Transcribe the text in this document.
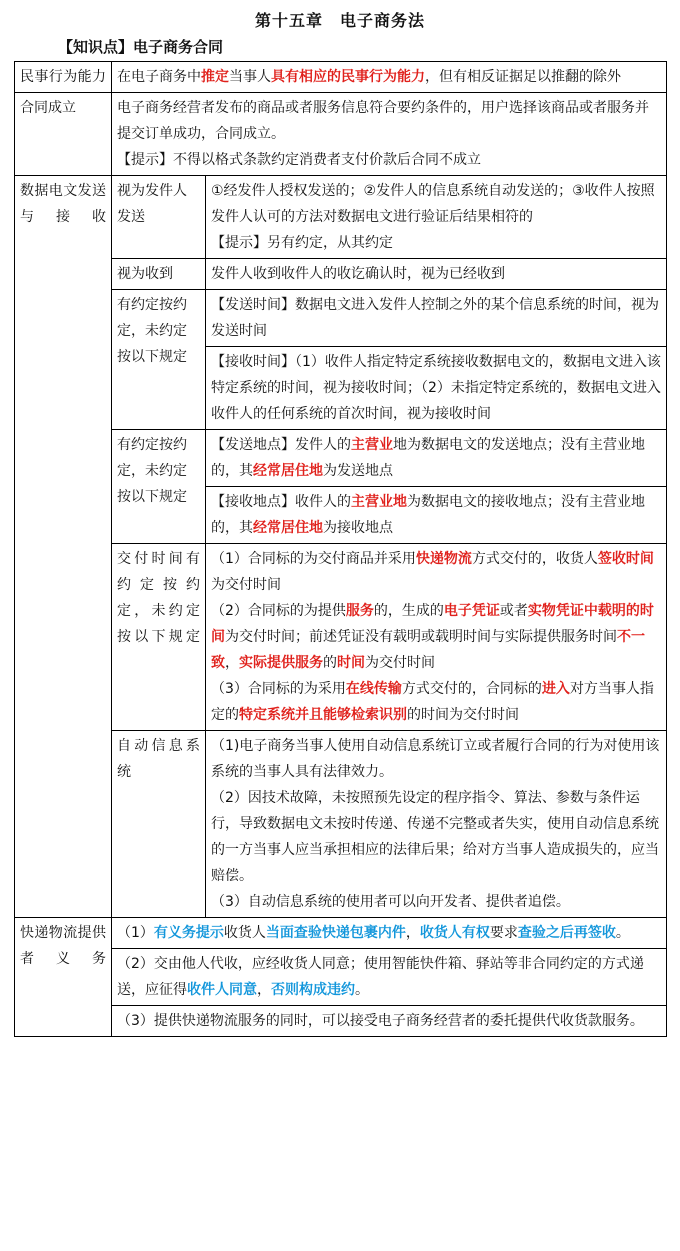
第十五章　电子商务法
【知识点】电子商务合同
民事行为能力	在电子商务中推定当事人具有相应的民事行为能力，但有相反证据足以推翻的除外	
合同成立	电子商务经营者发布的商品或者服务信息符合要约条件的，用户选择该商品或者服务并提交订单成功，合同成立。
【提示】不得以格式条款约定消费者支付价款后合同不成立	

数据电文发送与接收	视为发件人发送	①经发件人授权发送的；②发件人的信息系统自动发送的；③收件人按照发件人认可的方法对数据电文进行验证后结果相符的
【提示】另有约定，从其约定

	视为收到	发件人收到收件人的收讫确认时，视为已经收到
	有约定按约定，未约定按以下规定	【发送时间】数据电文进入发件人控制之外的某个信息系统的时间，视为发送时间
		【接收时间】（1）收件人指定特定系统接收数据电文的，数据电文进入该特定系统的时间，视为接收时间；（2）未指定特定系统的，数据电文进入收件人的任何系统的首次时间，视为接收时间
	有约定按约定，未约定按以下规定	【发送地点】发件人的主营业地为数据电文的发送地点；没有主营业地的，其经常居住地为发送地点
		【接收地点】收件人的主营业地为数据电文的接收地点；没有主营业地的，其经常居住地为接收地点
	交付时间有约定按约定，未约定按以下规定	（1）合同标的为交付商品并采用快递物流方式交付的，收货人签收时间为交付时间
（2）合同标的为提供服务的，生成的电子凭证或者实物凭证中载明的时间为交付时间；前述凭证没有载明或载明时间与实际提供服务时间不一致，实际提供服务的时间为交付时间
（3）合同标的为采用在线传输方式交付的，合同标的进入对方当事人指定的特定系统并且能够检索识别的时间为交付时间

	自动信息系统	（1)电子商务当事人使用自动信息系统订立或者履行合同的行为对使用该系统的当事人具有法律效力。
（2）因技术故障，未按照预先设定的程序指令、算法、参数与条件运行，导致数据电文未按时传递、传递不完整或者失实，使用自动信息系统的一方当事人应当承担相应的法律后果；给对方当事人造成损失的，应当赔偿。
（3）自动信息系统的使用者可以向开发者、提供者追偿。

快递物流提供者义务	（1）有义务提示收货人当面查验快递包裹内件，收货人有权要求查验之后再签收。	
	（2）交由他人代收，应经收货人同意；使用智能快件箱、驿站等非合同约定的方式递送，应征得收件人同意，否则构成违约。	
	（3）提供快递物流服务的同时，可以接受电子商务经营者的委托提供代收货款服务。	
